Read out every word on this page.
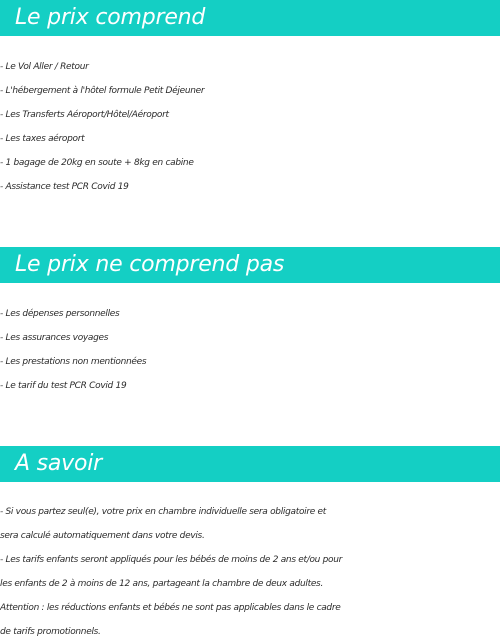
Le prix comprend
- Le Vol Aller / Retour
- L'hébergement à l'hôtel formule Petit Déjeuner
- Les Transferts Aéroport/Hôtel/Aéroport
- Les taxes aéroport
- 1 bagage de 20kg en soute + 8kg en cabine
- Assistance test PCR Covid 19
Le prix ne comprend pas
- Les dépenses personnelles
- Les assurances voyages
- Les prestations non mentionnées
- Le tarif du test PCR Covid 19
A savoir
- Si vous partez seul(e), votre prix en chambre individuelle sera obligatoire et
sera calculé automatiquement dans votre devis.
- Les tarifs enfants seront appliqués pour les bébés de moins de 2 ans et/ou pour
les enfants de 2 à moins de 12 ans, partageant la chambre de deux adultes.
Attention : les réductions enfants et bébés ne sont pas applicables dans le cadre
de tarifs promotionnels.
